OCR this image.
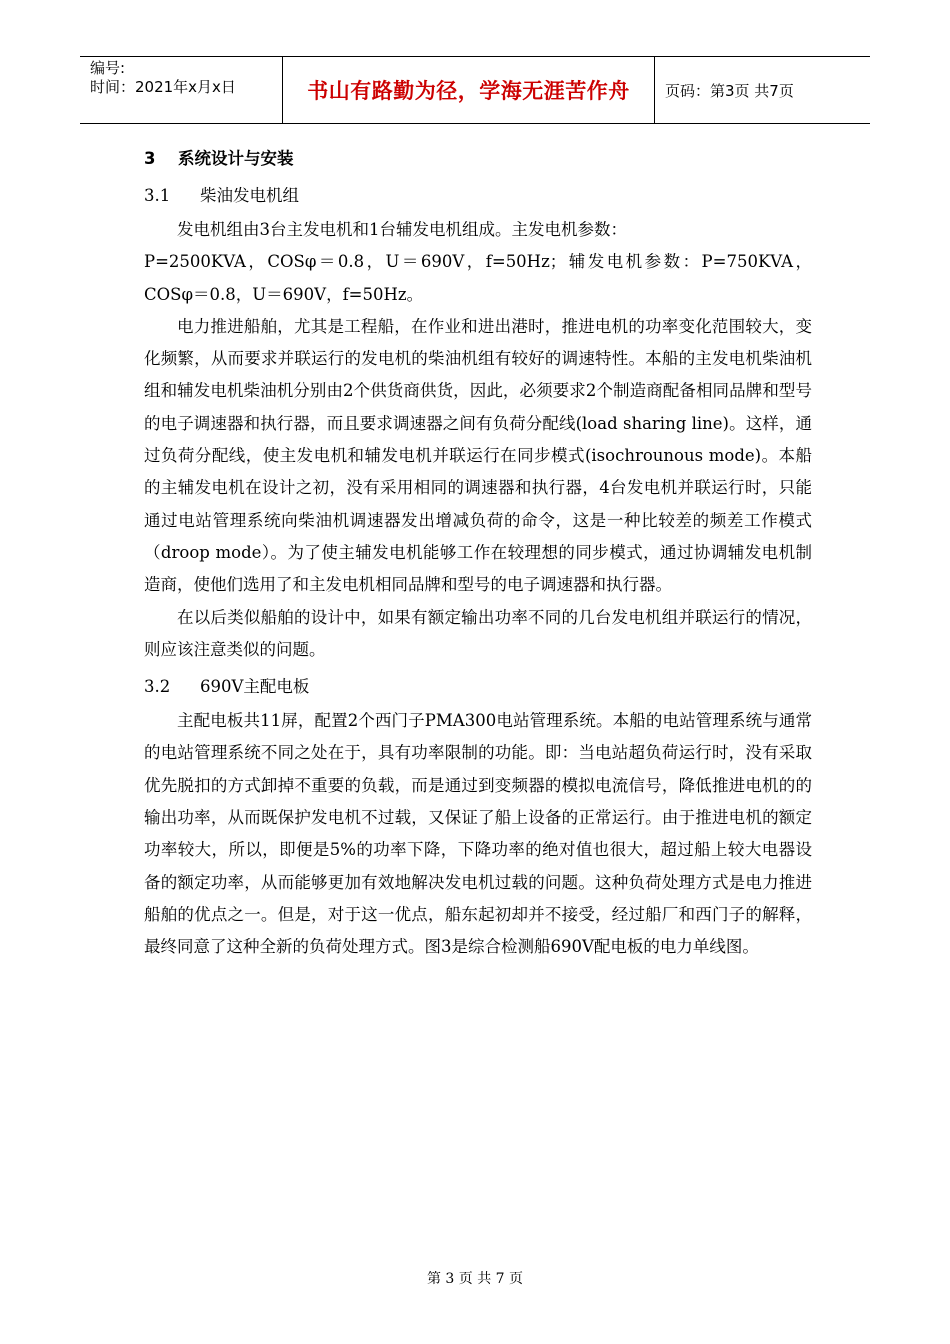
编号:
时间：2021年x月x日	书山有路勤为径，学海无涯苦作舟	页码：第3页 共7页
3 系统设计与安装
3.1 柴油发电机组

发电机组由3台主发电机和1台辅发电机组成。主发电机参数：

P=2500KVA，COSφ＝0.8，U＝690V，f=50Hz；辅发电机参数：P=750KVA，COSφ＝0.8，U＝690V，f=50Hz。

电力推进船舶，尤其是工程船，在作业和进出港时，推进电机的功率变化范围较大，变化频繁，从而要求并联运行的发电机的柴油机组有较好的调速特性。本船的主发电机柴油机组和辅发电机柴油机分别由2个供货商供货，因此，必须要求2个制造商配备相同品牌和型号的电子调速器和执行器，而且要求调速器之间有负荷分配线(load sharing line)。这样，通过负荷分配线，使主发电机和辅发电机并联运行在同步模式(isochrounous mode)。本船的主辅发电机在设计之初，没有采用相同的调速器和执行器，4台发电机并联运行时，只能通过电站管理系统向柴油机调速器发出增减负荷的命令，这是一种比较差的频差工作模式（droop mode）。为了使主辅发电机能够工作在较理想的同步模式，通过协调辅发电机制造商，使他们选用了和主发电机相同品牌和型号的电子调速器和执行器。

在以后类似船舶的设计中，如果有额定输出功率不同的几台发电机组并联运行的情况，则应该注意类似的问题。

3.2 690V主配电板

主配电板共11屏，配置2个西门子PMA300电站管理系统。本船的电站管理系统与通常的电站管理系统不同之处在于，具有功率限制的功能。即：当电站超负荷运行时，没有采取优先脱扣的方式卸掉不重要的负载，而是通过到变频器的模拟电流信号，降低推进电机的的输出功率，从而既保护发电机不过载，又保证了船上设备的正常运行。由于推进电机的额定功率较大，所以，即便是5%的功率下降，下降功率的绝对值也很大，超过船上较大电器设备的额定功率，从而能够更加有效地解决发电机过载的问题。这种负荷处理方式是电力推进船舶的优点之一。但是，对于这一优点，船东起初却并不接受，经过船厂和西门子的解释，最终同意了这种全新的负荷处理方式。图3是综合检测船690V配电板的电力单线图。

第 3 页 共 7 页
